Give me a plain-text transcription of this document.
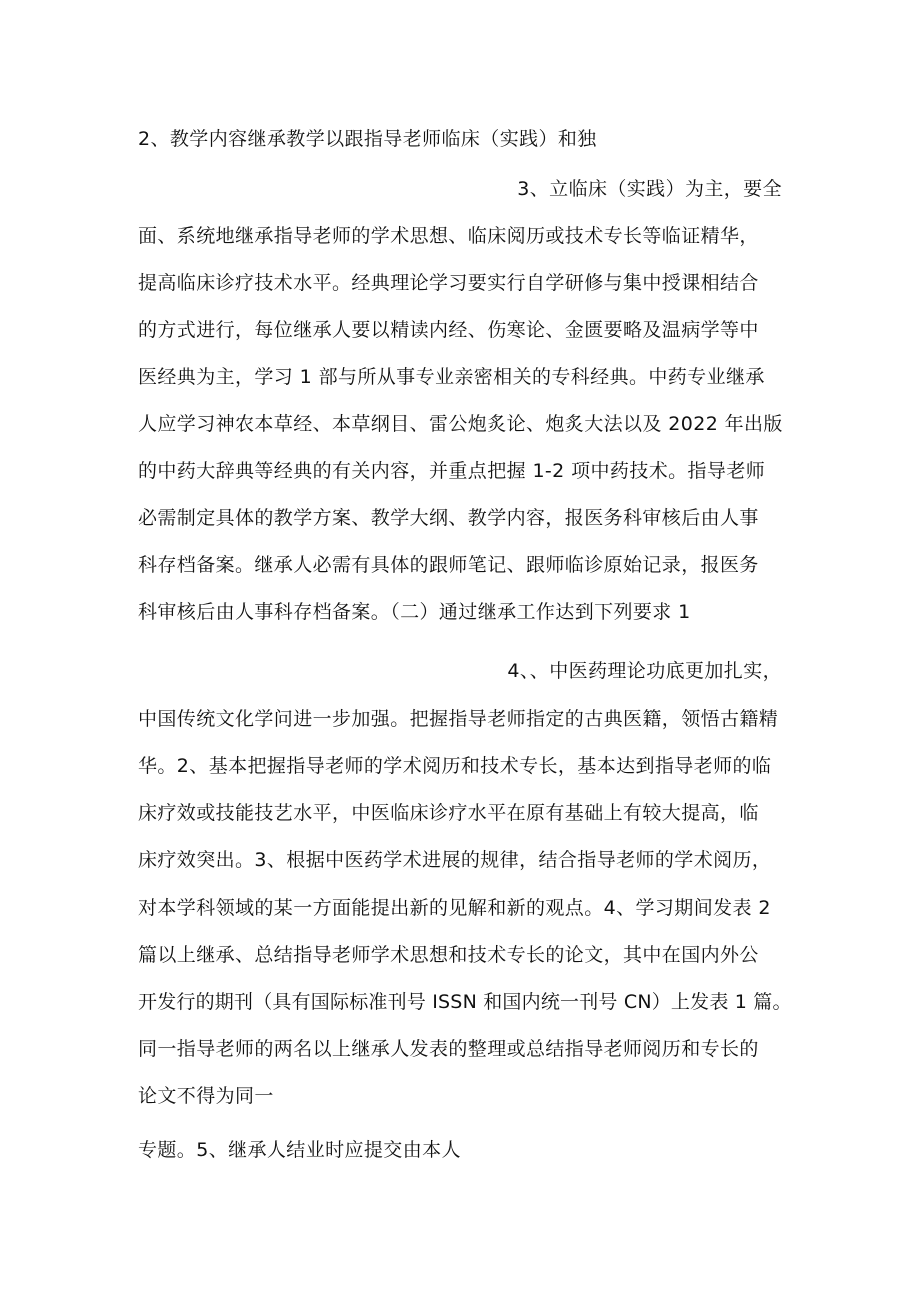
2、教学内容继承教学以跟指导老师临床（实践）和独
3、立临床（实践）为主，要全
面、系统地继承指导老师的学术思想、临床阅历或技术专长等临证精华，
提高临床诊疗技术水平。经典理论学习要实行自学研修与集中授课相结合
的方式进行，每位继承人要以精读内经、伤寒论、金匮要略及温病学等中
医经典为主，学习 1 部与所从事专业亲密相关的专科经典。中药专业继承
人应学习神农本草经、本草纲目、雷公炮炙论、炮炙大法以及 2022 年出版
的中药大辞典等经典的有关内容，并重点把握 1-2 项中药技术。指导老师
必需制定具体的教学方案、教学大纲、教学内容，报医务科审核后由人事
科存档备案。继承人必需有具体的跟师笔记、跟师临诊原始记录，报医务
科审核后由人事科存档备案。（二）通过继承工作达到下列要求 1
4、、中医药理论功底更加扎实，
中国传统文化学问进一步加强。把握指导老师指定的古典医籍，领悟古籍精
华。2、基本把握指导老师的学术阅历和技术专长，基本达到指导老师的临
床疗效或技能技艺水平，中医临床诊疗水平在原有基础上有较大提高，临
床疗效突出。3、根据中医药学术进展的规律，结合指导老师的学术阅历，
对本学科领域的某一方面能提出新的见解和新的观点。4、学习期间发表 2
篇以上继承、总结指导老师学术思想和技术专长的论文，其中在国内外公
开发行的期刊（具有国际标准刊号 ISSN 和国内统一刊号 CN）上发表 1 篇。
同一指导老师的两名以上继承人发表的整理或总结指导老师阅历和专长的
论文不得为同一
专题。5、继承人结业时应提交由本人
